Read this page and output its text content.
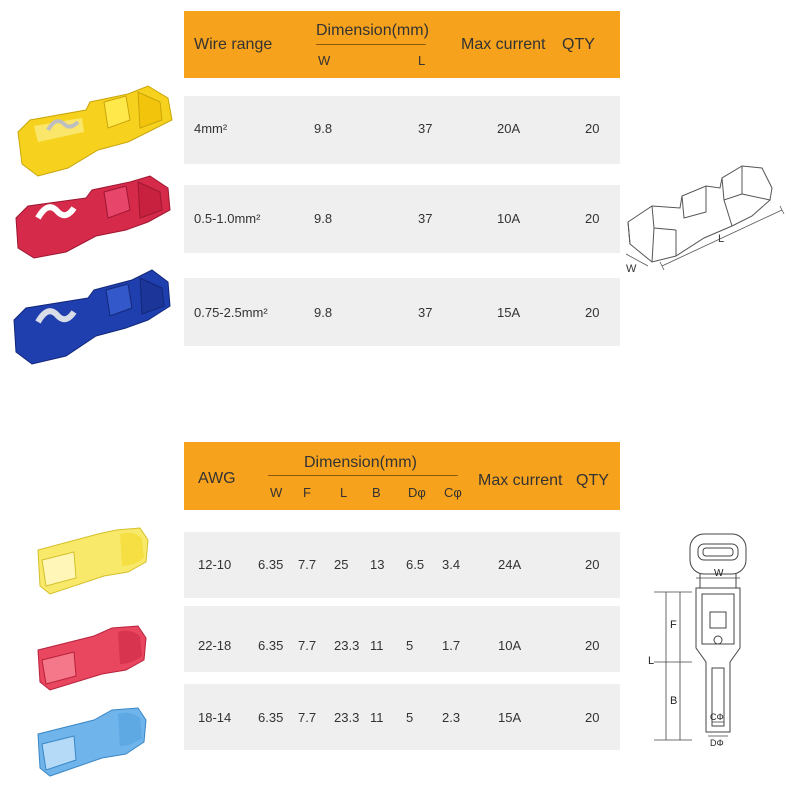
Wire range
Dimension(mm)
W	L
Max current QTY
4mm²	9.8	37	20A	20
0.5-1.0mm²	9.8	37	10A	20
0.75-2.5mm²	9.8	37	15A	20
L
W
AWG
Dimension(mm)
W F L B Dφ Cφ
Max current QTY
12-10 6.35 7.7 25 13 6.5 3.4	24A	20
22-18 6.35 7.7 23.3 11 5 1.7	10A	20
18-14 6.35 7.7 23.3 11 5 2.3	15A	20
W
F
L
B
CΦ
DΦ
